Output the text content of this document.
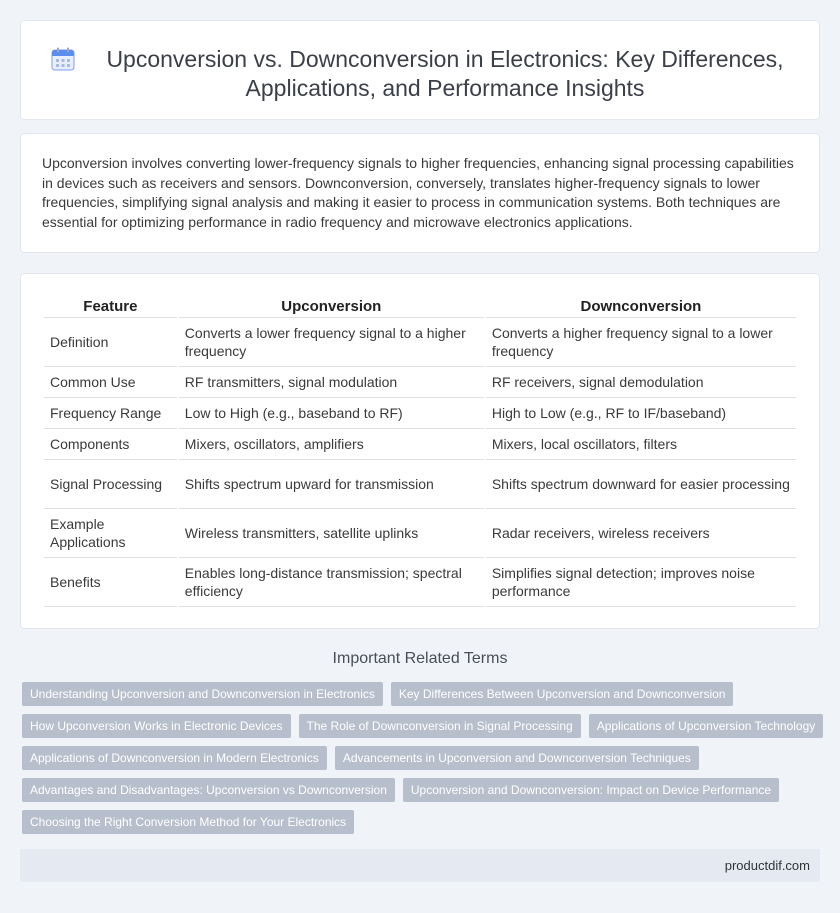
Upconversion vs. Downconversion in Electronics: Key Differences, Applications, and Performance Insights

Upconversion involves converting lower-frequency signals to higher frequencies, enhancing signal processing capabilities in devices such as receivers and sensors. Downconversion, conversely, translates higher-frequency signals to lower frequencies, simplifying signal analysis and making it easier to process in communication systems. Both techniques are essential for optimizing performance in radio frequency and microwave electronics applications.

Feature	Upconversion	Downconversion
Definition	Converts a lower frequency signal to a higher frequency	Converts a higher frequency signal to a lower frequency
Common Use	RF transmitters, signal modulation	RF receivers, signal demodulation
Frequency Range	Low to High (e.g., baseband to RF)	High to Low (e.g., RF to IF/baseband)
Components	Mixers, oscillators, amplifiers	Mixers, local oscillators, filters
Signal Processing	Shifts spectrum upward for transmission	Shifts spectrum downward for easier processing
Example Applications	Wireless transmitters, satellite uplinks	Radar receivers, wireless receivers
Benefits	Enables long-distance transmission; spectral efficiency	Simplifies signal detection; improves noise performance
Important Related Terms
Understanding Upconversion and Downconversion in Electronics	Key Differences Between Upconversion and Downconversion
How Upconversion Works in Electronic Devices	The Role of Downconversion in Signal Processing	Applications of Upconversion Technology
Applications of Downconversion in Modern Electronics	Advancements in Upconversion and Downconversion Techniques
Advantages and Disadvantages: Upconversion vs Downconversion	Upconversion and Downconversion: Impact on Device Performance
Choosing the Right Conversion Method for Your Electronics
productdif.com
